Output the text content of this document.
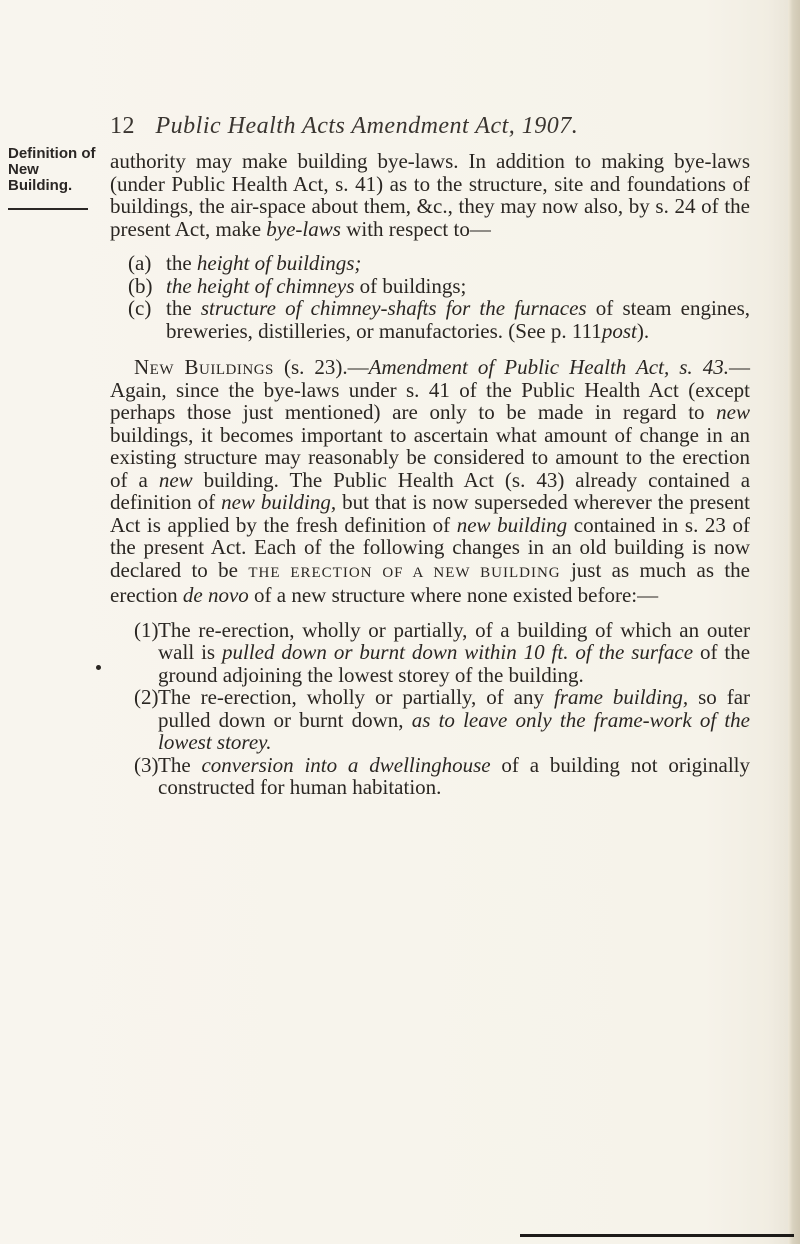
12 Public Health Acts Amendment Act, 1907.
Definition of
New
Building.

authority may make building bye-laws. In addition to making bye-laws (under Public Health Act, s. 41) as to the structure, site and foundations of buildings, the air-space about them, &c., they may now also, by s. 24 of the present Act, make bye-laws with respect to—

(a) the height of buildings;
(b) the height of chimneys of buildings;
(c) the structure of chimney-shafts for the furnaces of steam engines, breweries, distilleries, or manufactories. (See p. 111post).

New Buildings (s. 23).—Amendment of Public Health Act, s. 43.—Again, since the bye-laws under s. 41 of the Public Health Act (except perhaps those just mentioned) are only to be made in regard to new buildings, it becomes important to ascertain what amount of change in an existing structure may reasonably be considered to amount to the erection of a new building. The Public Health Act (s. 43) already contained a definition of new building, but that is now superseded wherever the present Act is applied by the fresh definition of new building contained in s. 23 of the present Act. Each of the following changes in an old building is now declared to be THE ERECTION OF A NEW BUILDING just as much as the erection de novo of a new structure where none existed before:—

(1) The re-erection, wholly or partially, of a building of which an outer wall is pulled down or burnt down within 10 ft. of the surface of the ground adjoining the lowest storey of the building.
(2) The re-erection, wholly or partially, of any frame building, so far pulled down or burnt down, as to leave only the frame-work of the lowest storey.
(3) The conversion into a dwellinghouse of a building not originally constructed for human habitation.
